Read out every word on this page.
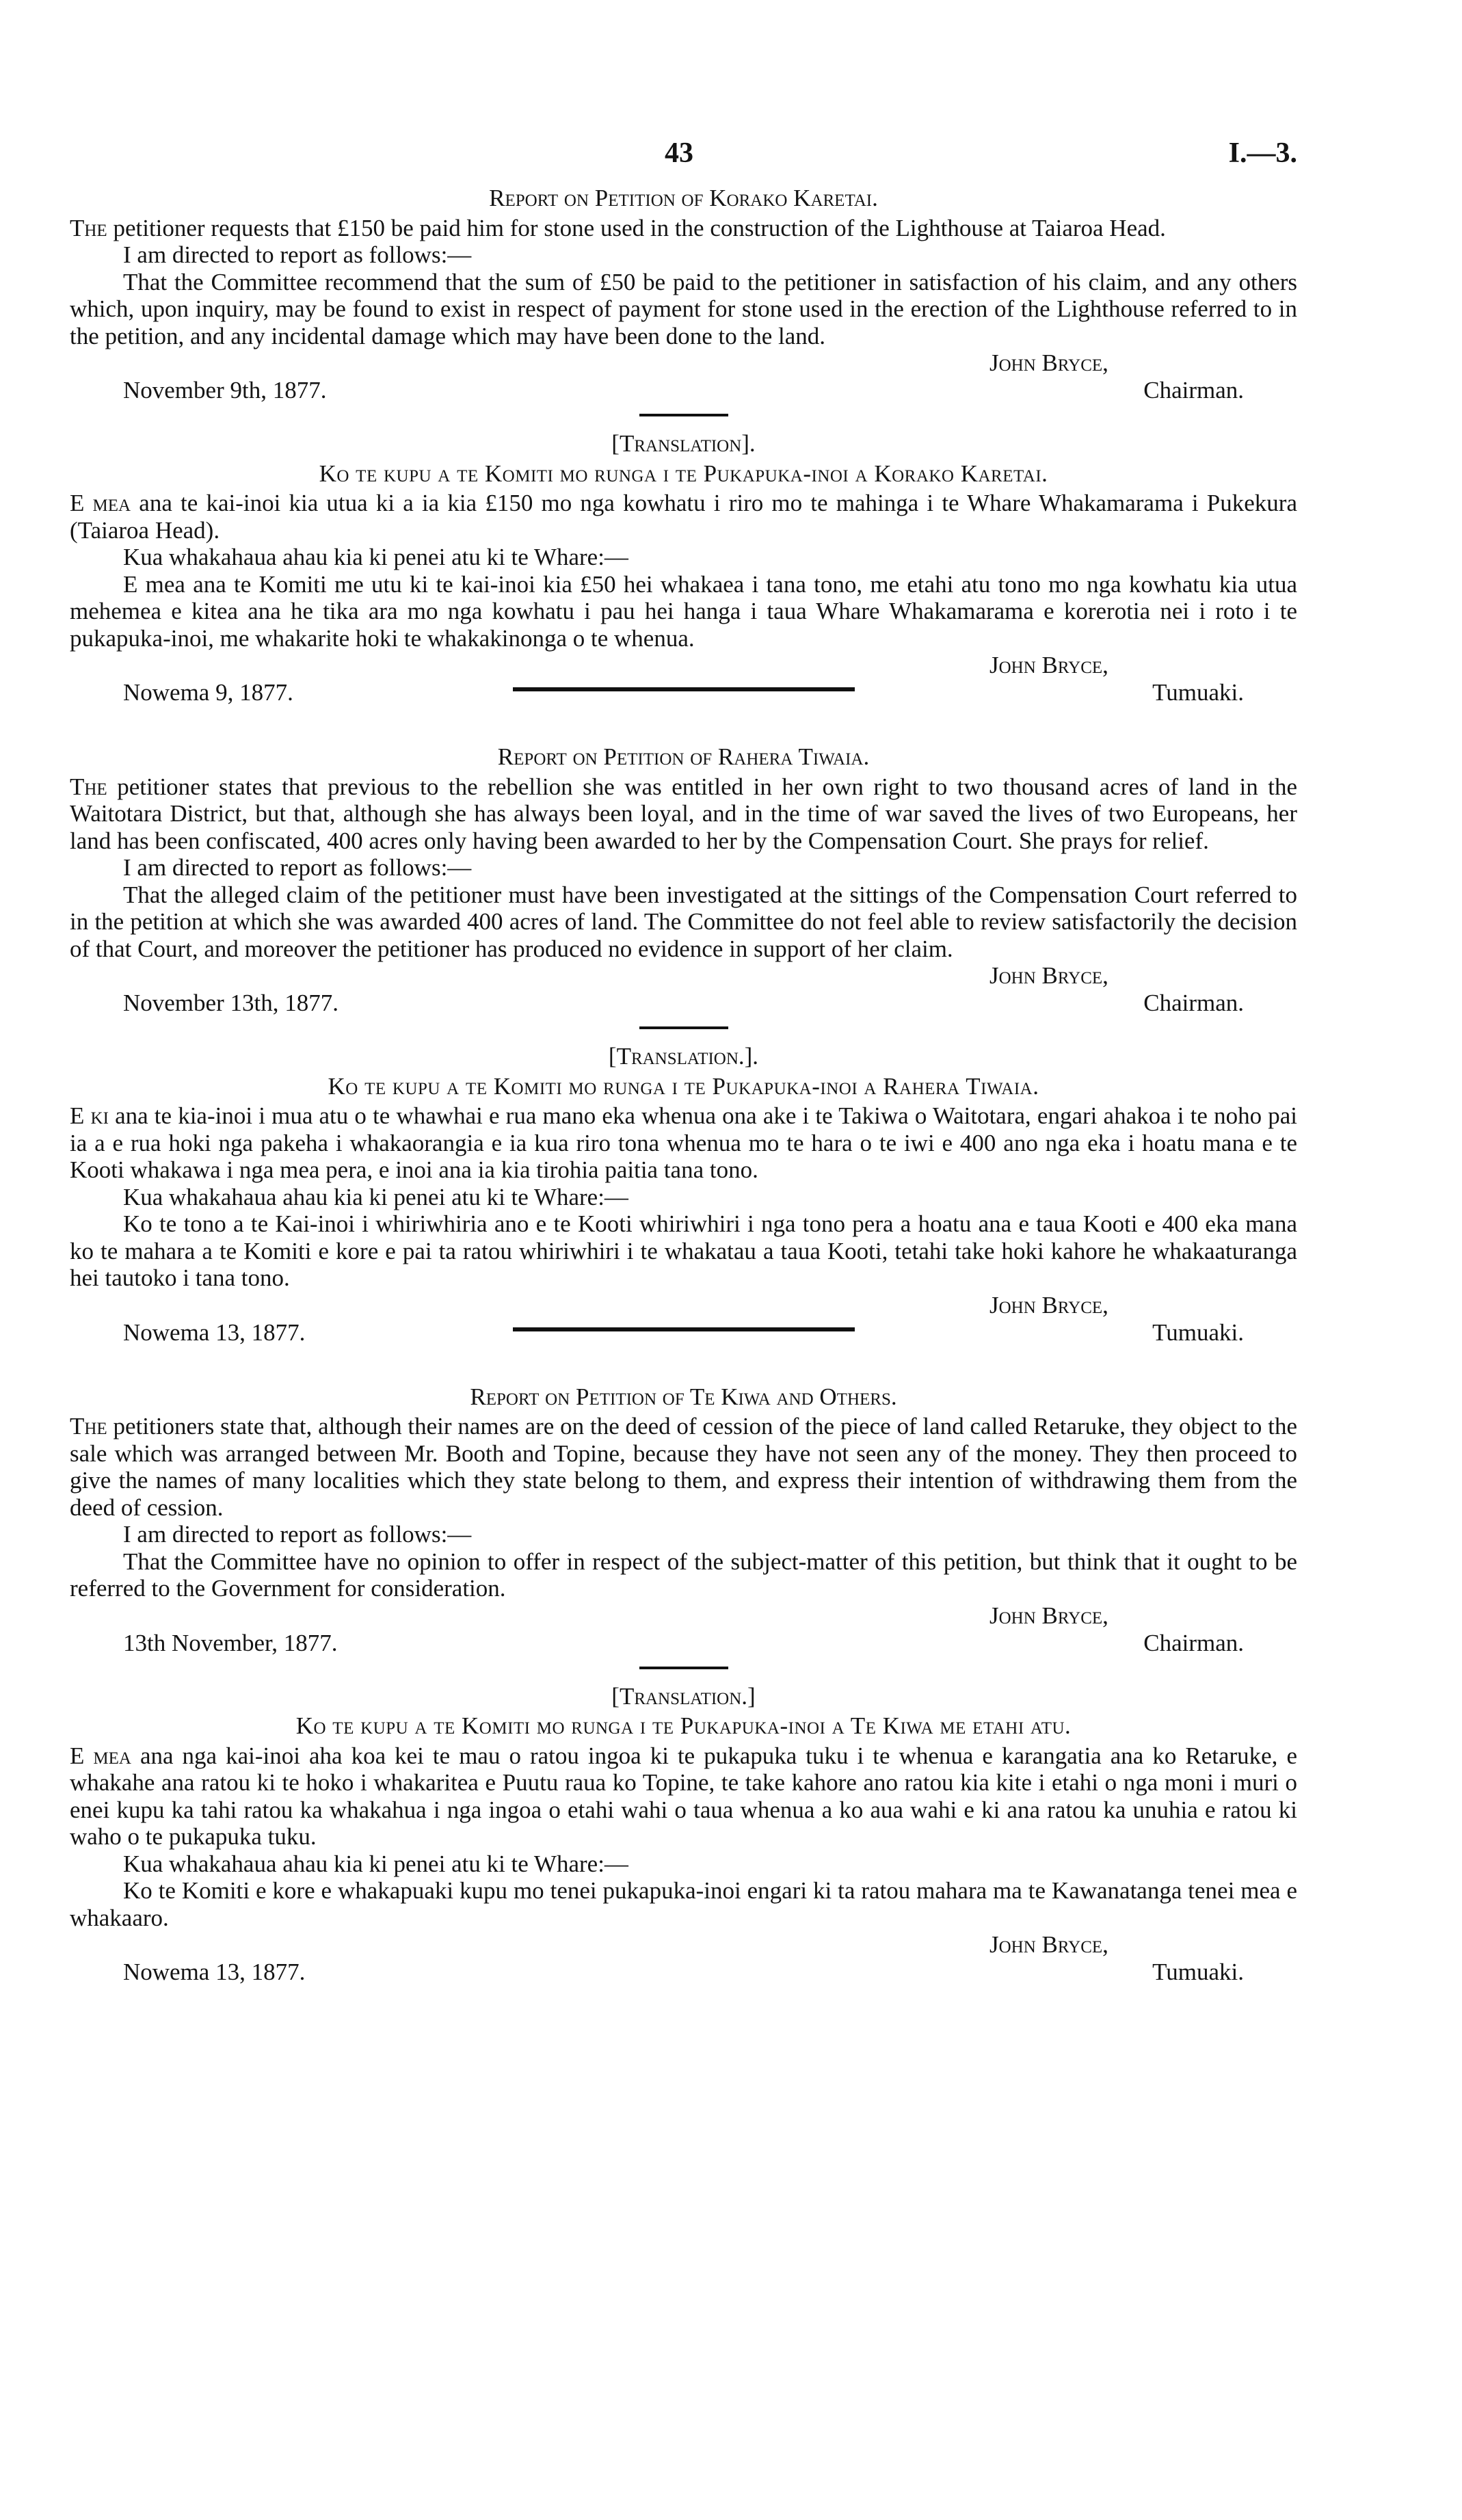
43	I.—3.
Report on Petition of Korako Karetai.

The petitioner requests that £150 be paid him for stone used in the construction of the Lighthouse at Taiaroa Head.

I am directed to report as follows:—

That the Committee recommend that the sum of £50 be paid to the petitioner in satisfaction of his claim, and any others which, upon inquiry, may be found to exist in respect of payment for stone used in the erection of the Lighthouse referred to in the petition, and any incidental damage which may have been done to the land.

John Bryce,
November 9th, 1877.	Chairman.
[Translation].
Ko te kupu a te Komiti mo runga i te Pukapuka-inoi a Korako Karetai.

E mea ana te kai-inoi kia utua ki a ia kia £150 mo nga kowhatu i riro mo te mahinga i te Whare Whakamarama i Pukekura (Taiaroa Head).

Kua whakahaua ahau kia ki penei atu ki te Whare:—

E mea ana te Komiti me utu ki te kai-inoi kia £50 hei whakaea i tana tono, me etahi atu tono mo nga kowhatu kia utua mehemea e kitea ana he tika ara mo nga kowhatu i pau hei hanga i taua Whare Whakamarama e korerotia nei i roto i te pukapuka-inoi, me whakarite hoki te whakakinonga o te whenua.

John Bryce,
Nowema 9, 1877.	Tumuaki.
Report on Petition of Rahera Tiwaia.

The petitioner states that previous to the rebellion she was entitled in her own right to two thousand acres of land in the Waitotara District, but that, although she has always been loyal, and in the time of war saved the lives of two Europeans, her land has been confiscated, 400 acres only having been awarded to her by the Compensation Court. She prays for relief.

I am directed to report as follows:—

That the alleged claim of the petitioner must have been investigated at the sittings of the Compensation Court referred to in the petition at which she was awarded 400 acres of land. The Committee do not feel able to review satisfactorily the decision of that Court, and moreover the petitioner has produced no evidence in support of her claim.

John Bryce,
November 13th, 1877.	Chairman.
[Translation.].
Ko te kupu a te Komiti mo runga i te Pukapuka-inoi a Rahera Tiwaia.

E ki ana te kia-inoi i mua atu o te whawhai e rua mano eka whenua ona ake i te Takiwa o Waitotara, engari ahakoa i te noho pai ia a e rua hoki nga pakeha i whakaorangia e ia kua riro tona whenua mo te hara o te iwi e 400 ano nga eka i hoatu mana e te Kooti whakawa i nga mea pera, e inoi ana ia kia tirohia paitia tana tono.

Kua whakahaua ahau kia ki penei atu ki te Whare:—

Ko te tono a te Kai-inoi i whiriwhiria ano e te Kooti whiriwhiri i nga tono pera a hoatu ana e taua Kooti e 400 eka mana ko te mahara a te Komiti e kore e pai ta ratou whiriwhiri i te whakatau a taua Kooti, tetahi take hoki kahore he whakaaturanga hei tautoko i tana tono.

John Bryce,
Nowema 13, 1877.	Tumuaki.
Report on Petition of Te Kiwa and Others.

The petitioners state that, although their names are on the deed of cession of the piece of land called Retaruke, they object to the sale which was arranged between Mr. Booth and Topine, because they have not seen any of the money. They then proceed to give the names of many localities which they state belong to them, and express their intention of withdrawing them from the deed of cession.

I am directed to report as follows:—

That the Committee have no opinion to offer in respect of the subject-matter of this petition, but think that it ought to be referred to the Government for consideration.

John Bryce,
13th November, 1877.	Chairman.
[Translation.]
Ko te kupu a te Komiti mo runga i te Pukapuka-inoi a Te Kiwa me etahi atu.

E mea ana nga kai-inoi aha koa kei te mau o ratou ingoa ki te pukapuka tuku i te whenua e karangatia ana ko Retaruke, e whakahe ana ratou ki te hoko i whakaritea e Puutu raua ko Topine, te take kahore ano ratou kia kite i etahi o nga moni i muri o enei kupu ka tahi ratou ka whakahua i nga ingoa o etahi wahi o taua whenua a ko aua wahi e ki ana ratou ka unuhia e ratou ki waho o te pukapuka tuku.

Kua whakahaua ahau kia ki penei atu ki te Whare:—

Ko te Komiti e kore e whakapuaki kupu mo tenei pukapuka-inoi engari ki ta ratou mahara ma te Kawanatanga tenei mea e whakaaro.

John Bryce,
Nowema 13, 1877.	Tumuaki.
